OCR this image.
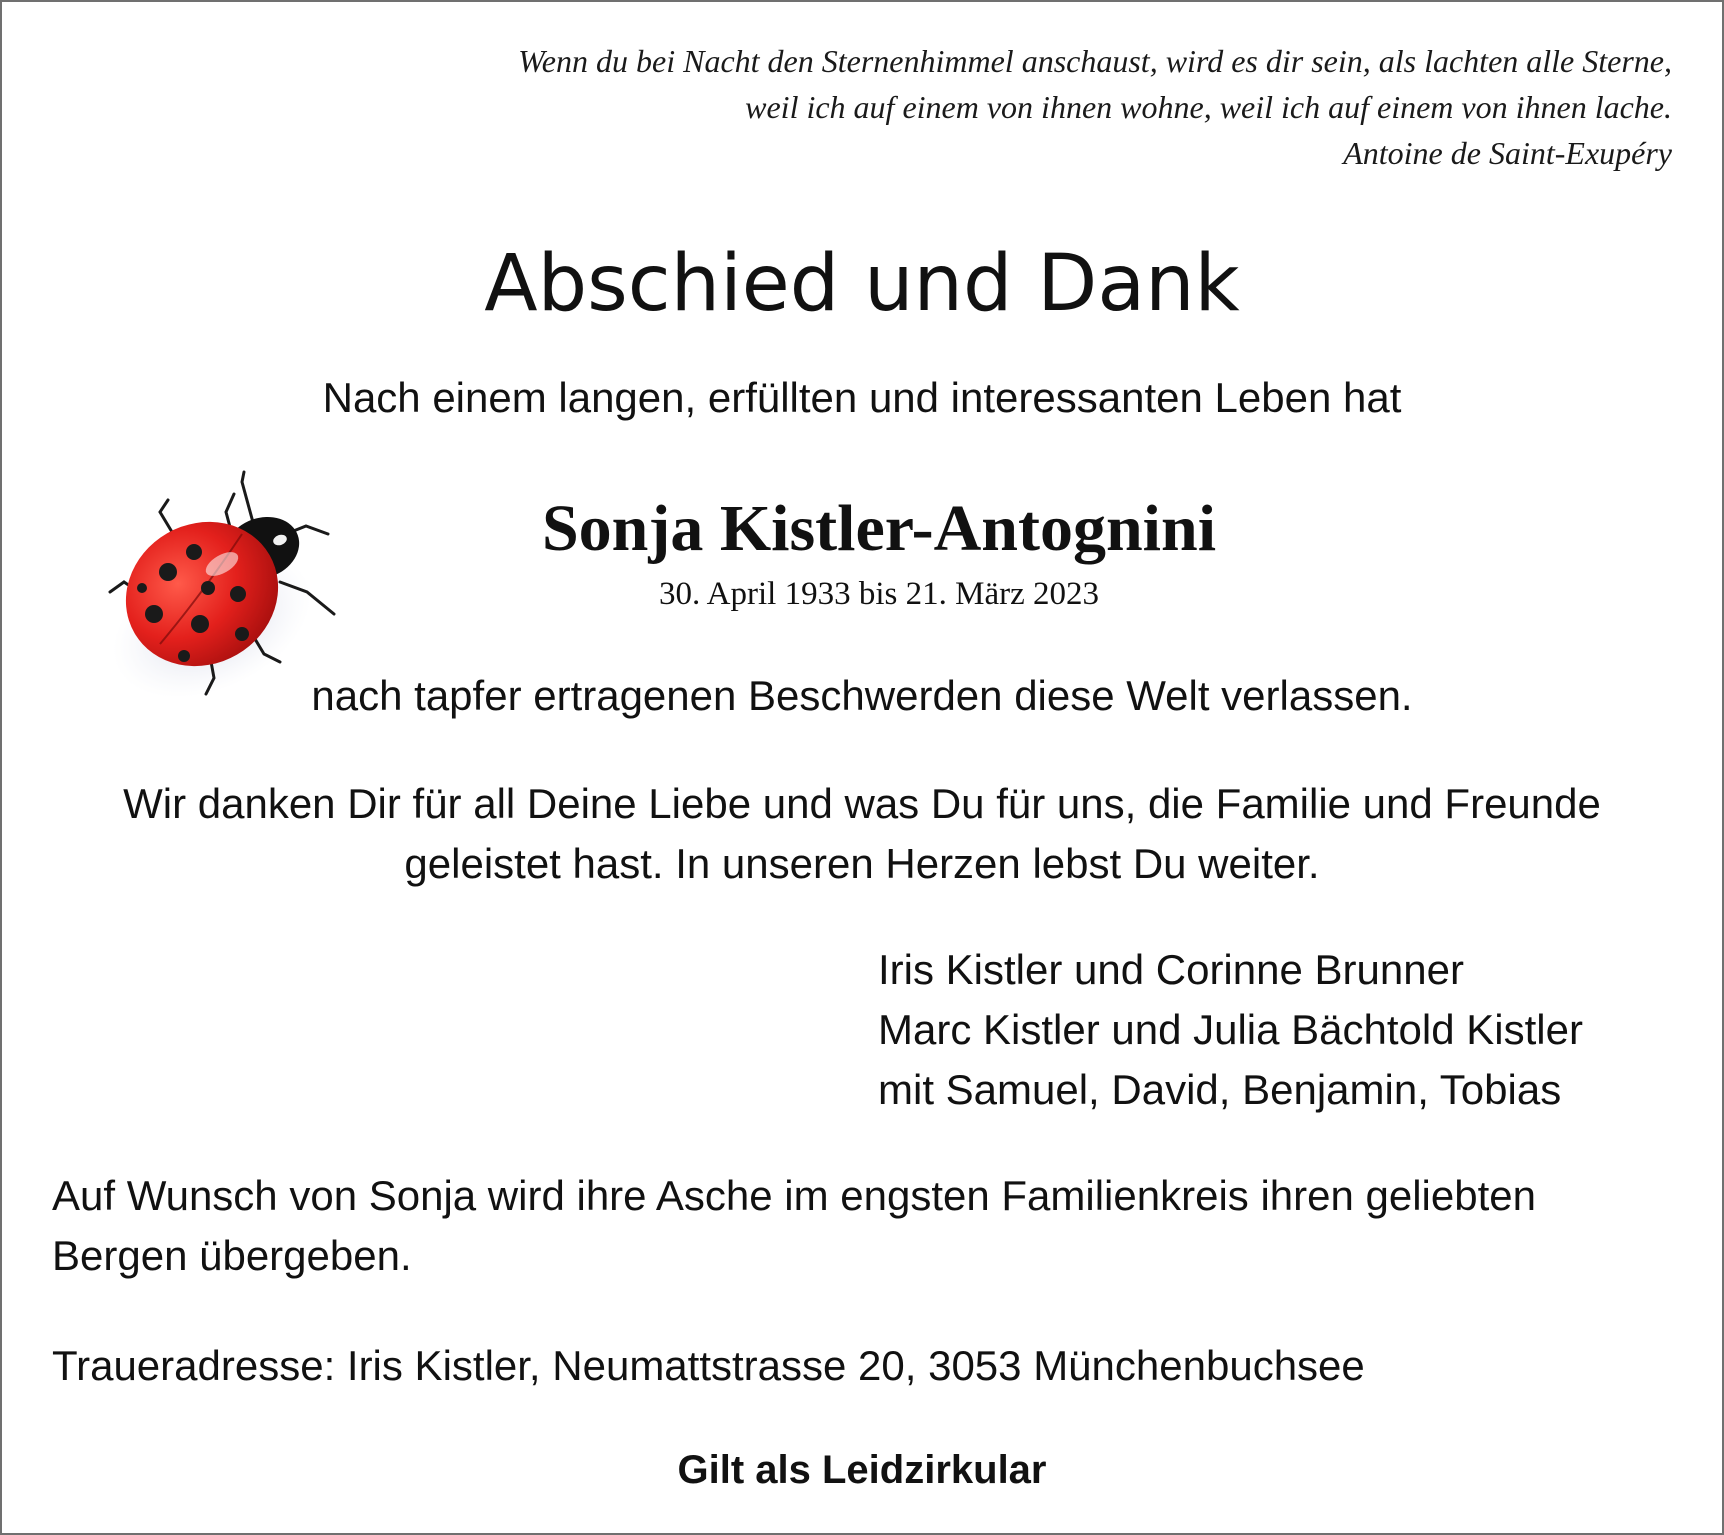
Wenn du bei Nacht den Sternenhimmel anschaust, wird es dir sein, als lachten alle Sterne,
weil ich auf einem von ihnen wohne, weil ich auf einem von ihnen lache.
Antoine de Saint-Exupéry
Abschied und Dank
Nach einem langen, erfüllten und interessanten Leben hat
Sonja Kistler-Antognini
30. April 1933 bis 21. März 2023
nach tapfer ertragenen Beschwerden diese Welt verlassen.
Wir danken Dir für all Deine Liebe und was Du für uns, die Familie und Freunde
geleistet hast. In unseren Herzen lebst Du weiter.
Iris Kistler und Corinne Brunner
Marc Kistler und Julia Bächtold Kistler
mit Samuel, David, Benjamin, Tobias
Auf Wunsch von Sonja wird ihre Asche im engsten Familienkreis ihren geliebten Bergen übergeben.
Traueradresse: Iris Kistler, Neumattstrasse 20, 3053 Münchenbuchsee
Gilt als Leidzirkular
